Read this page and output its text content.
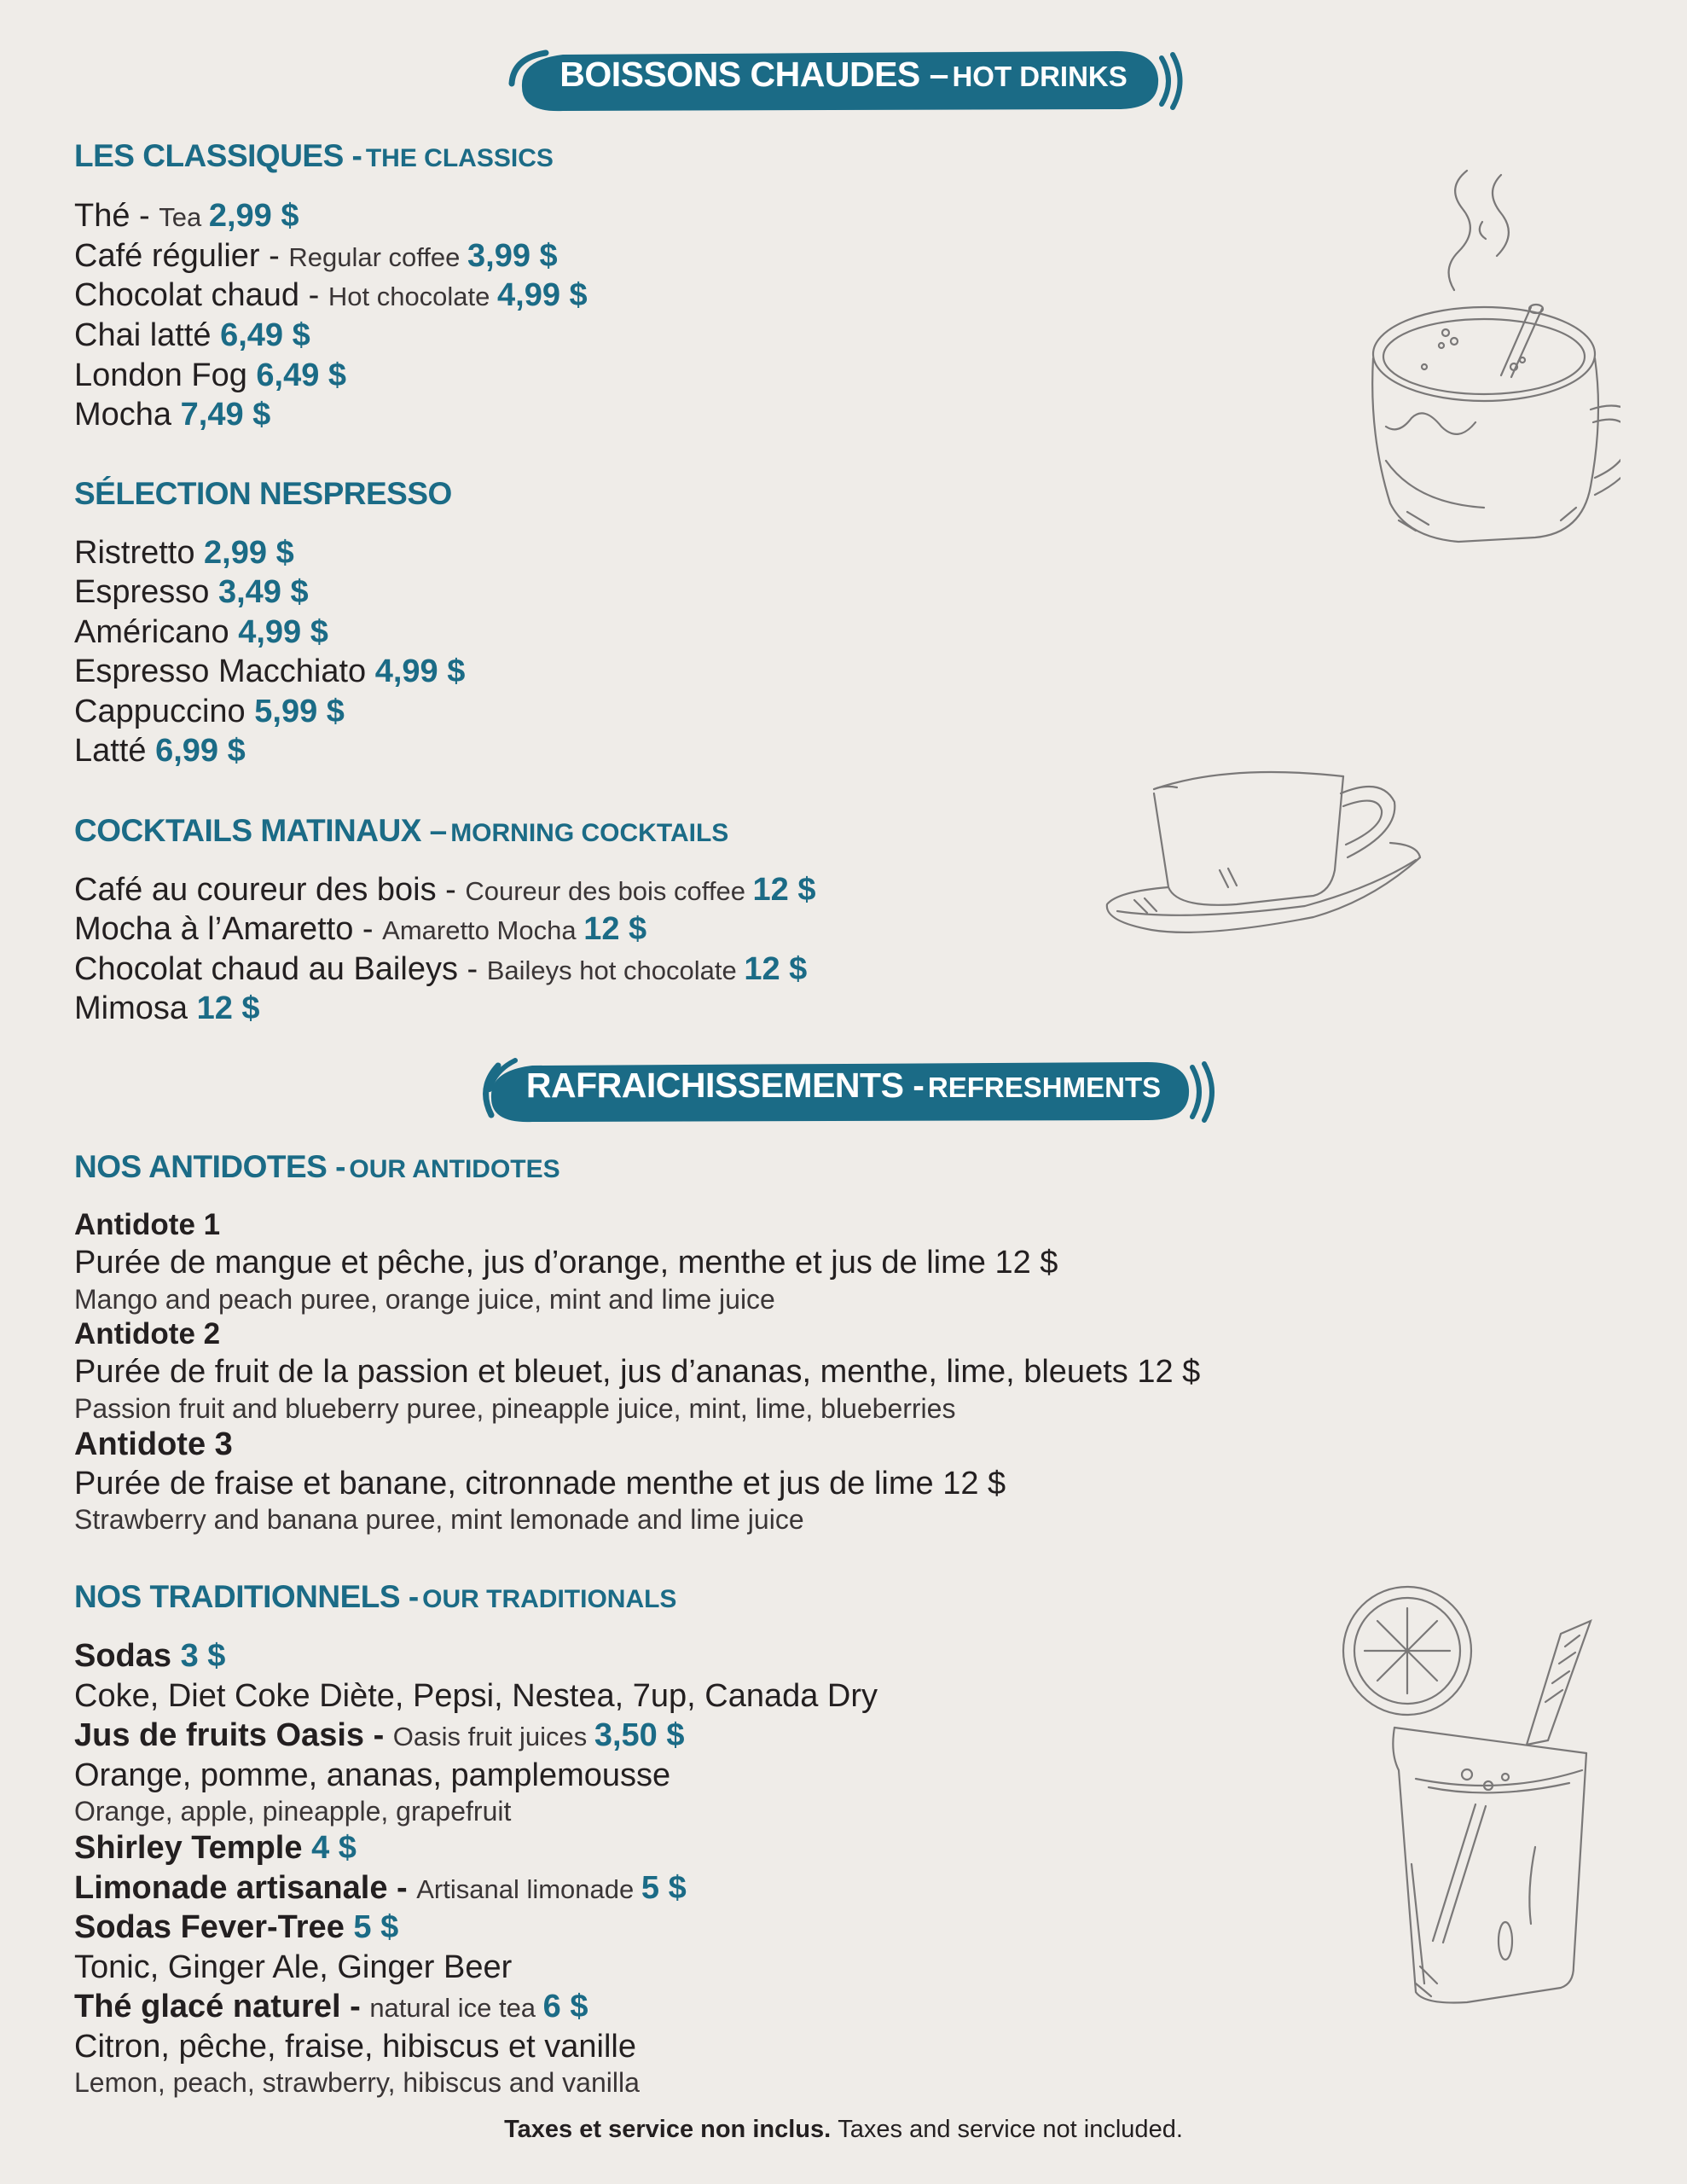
BOISSONS CHAUDES – HOT DRINKS
LES CLASSIQUES - THE CLASSICS
Thé - Tea 2,99 $
Café régulier - Regular coffee 3,99 $
Chocolat chaud - Hot chocolate 4,99 $
Chai latté 6,49 $
London Fog 6,49 $
Mocha 7,49 $
SÉLECTION NESPRESSO
Ristretto 2,99 $
Espresso 3,49 $
Américano 4,99 $
Espresso Macchiato 4,99 $
Cappuccino 5,99 $
Latté 6,99 $
COCKTAILS MATINAUX – MORNING COCKTAILS
Café au coureur des bois - Coureur des bois coffee 12 $
Mocha à l’Amaretto - Amaretto Mocha 12 $
Chocolat chaud au Baileys - Baileys hot chocolate 12 $
Mimosa 12 $
RAFRAICHISSEMENTS - REFRESHMENTS
NOS ANTIDOTES - OUR ANTIDOTES
Antidote 1
Purée de mangue et pêche, jus d’orange, menthe et jus de lime 12 $
Mango and peach puree, orange juice, mint and lime juice
Antidote 2
Purée de fruit de la passion et bleuet, jus d’ananas, menthe, lime, bleuets 12 $
Passion fruit and blueberry puree, pineapple juice, mint, lime, blueberries
Antidote 3
Purée de fraise et banane, citronnade menthe et jus de lime 12 $
Strawberry and banana puree, mint lemonade and lime juice
NOS TRADITIONNELS - OUR TRADITIONALS
Sodas 3 $
Coke, Diet Coke Diète, Pepsi, Nestea, 7up, Canada Dry
Jus de fruits Oasis - Oasis fruit juices 3,50 $
Orange, pomme, ananas, pamplemousse
Orange, apple, pineapple, grapefruit
Shirley Temple 4 $
Limonade artisanale - Artisanal limonade 5 $
Sodas Fever-Tree 5 $
Tonic, Ginger Ale, Ginger Beer
Thé glacé naturel - natural ice tea 6 $
Citron, pêche, fraise, hibiscus et vanille
Lemon, peach, strawberry, hibiscus and vanilla
Taxes et service non inclus. Taxes and service not included.
